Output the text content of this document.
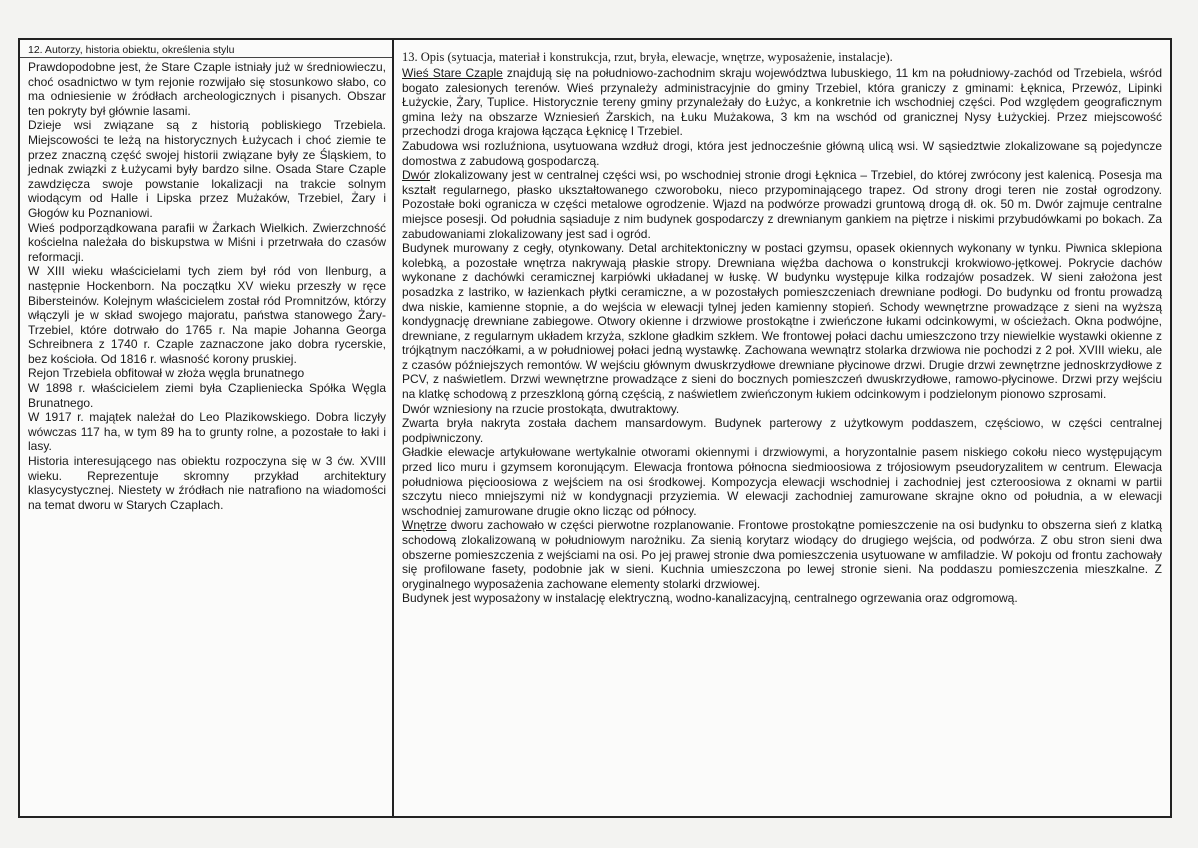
12. Autorzy, historia obiektu, określenia stylu

Prawdopodobne jest, że Stare Czaple istniały już w średniowieczu, choć osadnictwo w tym rejonie rozwijało się stosunkowo słabo, co ma odniesienie w źródłach archeologicznych i pisanych. Obszar ten pokryty był głównie lasami.

Dzieje wsi związane są z historią pobliskiego Trzebiela. Miejscowości te leżą na historycznych Łużycach i choć ziemie te przez znaczną część swojej historii związane były ze Śląskiem, to jednak związki z Łużycami były bardzo silne. Osada Stare Czaple zawdzięcza swoje powstanie lokalizacji na trakcie solnym wiodącym od Halle i Lipska przez Mużaków, Trzebiel, Żary i Głogów ku Poznaniowi.

Wieś podporządkowana parafii w Żarkach Wielkich. Zwierzchność kościelna należała do biskupstwa w Miśni i przetrwała do czasów reformacji.

W XIII wieku właścicielami tych ziem był ród von Ilenburg, a następnie Hockenborn. Na początku XV wieku przeszły w ręce Bibersteinów. Kolejnym właścicielem został ród Promnitzów, którzy włączyli je w skład swojego majoratu, państwa stanowego Żary-Trzebiel, które dotrwało do 1765 r. Na mapie Johanna Georga Schreibnera z 1740 r. Czaple zaznaczone jako dobra rycerskie, bez kościoła. Od 1816 r. własność korony pruskiej.

Rejon Trzebiela obfitował w złoża węgla brunatnego

W 1898 r. właścicielem ziemi była Czaplieniecka Spółka Węgla Brunatnego.

W 1917 r. majątek należał do Leo Plazikowskiego. Dobra liczyły wówczas 117 ha, w tym 89 ha to grunty rolne, a pozostałe to łaki i lasy.

Historia interesującego nas obiektu rozpoczyna się w 3 ćw. XVIII wieku. Reprezentuje skromny przykład architektury klasycystycznej. Niestety w źródłach nie natrafiono na wiadomości na temat dworu w Starych Czaplach.

13. Opis (sytuacja, materiał i konstrukcja, rzut, bryła, elewacje, wnętrze, wyposażenie, instalacje).

Wieś Stare Czaple znajdują się na południowo-zachodnim skraju województwa lubuskiego, 11 km na południowy-zachód od Trzebiela, wśród bogato zalesionych terenów. Wieś przynależy administracyjnie do gminy Trzebiel, która graniczy z gminami: Łęknica, Przewóz, Lipinki Łużyckie, Żary, Tuplice. Historycznie tereny gminy przynależały do Łużyc, a konkretnie ich wschodniej części. Pod względem geograficznym gmina leży na obszarze Wzniesień Żarskich, na Łuku Mużakowa, 3 km na wschód od granicznej Nysy Łużyckiej. Przez miejscowość przechodzi droga krajowa łącząca Łęknicę I Trzebiel.

Zabudowa wsi rozluźniona, usytuowana wzdłuż drogi, która jest jednocześnie główną ulicą wsi. W sąsiedztwie zlokalizowane są pojedyncze domostwa z zabudową gospodarczą.

Dwór zlokalizowany jest w centralnej części wsi, po wschodniej stronie drogi Łęknica – Trzebiel, do której zwrócony jest kalenicą. Posesja ma kształt regularnego, płasko ukształtowanego czworoboku, nieco przypominającego trapez. Od strony drogi teren nie został ogrodzony. Pozostałe boki ogranicza w części metalowe ogrodzenie. Wjazd na podwórze prowadzi gruntową drogą dł. ok. 50 m. Dwór zajmuje centralne miejsce posesji. Od południa sąsiaduje z nim budynek gospodarczy z drewnianym gankiem na piętrze i niskimi przybudówkami po bokach. Za zabudowaniami zlokalizowany jest sad i ogród.

Budynek murowany z cegły, otynkowany. Detal architektoniczny w postaci gzymsu, opasek okiennych wykonany w tynku. Piwnica sklepiona kolebką, a pozostałe wnętrza nakrywają płaskie stropy. Drewniana więźba dachowa o konstrukcji krokwiowo-jętkowej. Pokrycie dachów wykonane z dachówki ceramicznej karpiówki układanej w łuskę. W budynku występuje kilka rodzajów posadzek. W sieni założona jest posadzka z lastriko, w łazienkach płytki ceramiczne, a w pozostałych pomieszczeniach drewniane podłogi. Do budynku od frontu prowadzą dwa niskie, kamienne stopnie, a do wejścia w elewacji tylnej jeden kamienny stopień. Schody wewnętrzne prowadzące z sieni na wyższą kondygnację drewniane zabiegowe. Otwory okienne i drzwiowe prostokątne i zwieńczone łukami odcinkowymi, w ościeżach. Okna podwójne, drewniane, z regularnym układem krzyża, szklone gładkim szkłem. We frontowej połaci dachu umieszczono trzy niewielkie wystawki okienne z trójkątnym naczółkami, a w południowej połaci jedną wystawkę. Zachowana wewnątrz stolarka drzwiowa nie pochodzi z 2 poł. XVIII wieku, ale z czasów późniejszych remontów. W wejściu głównym dwuskrzydłowe drewniane płycinowe drzwi. Drugie drzwi zewnętrzne jednoskrzydłowe z PCV, z naświetlem. Drzwi wewnętrzne prowadzące z sieni do bocznych pomieszczeń dwuskrzydłowe, ramowo-płycinowe. Drzwi przy wejściu na klatkę schodową z przeszkloną górną częścią, z naświetlem zwieńczonym łukiem odcinkowym i podzielonym pionowo szprosami.

Dwór wzniesiony na rzucie prostokąta, dwutraktowy.

Zwarta bryła nakryta została dachem mansardowym. Budynek parterowy z użytkowym poddaszem, częściowo, w części centralnej podpiwniczony.

Gładkie elewacje artykułowane wertykalnie otworami okiennymi i drzwiowymi, a horyzontalnie pasem niskiego cokołu nieco występującym przed lico muru i gzymsem koronującym. Elewacja frontowa północna siedmioosiowa z trójosiowym pseudoryzalitem w centrum. Elewacja południowa pięcioosiowa z wejściem na osi środkowej. Kompozycja elewacji wschodniej i zachodniej jest czteroosiowa z oknami w partii szczytu nieco mniejszymi niż w kondygnacji przyziemia. W elewacji zachodniej zamurowane skrajne okno od południa, a w elewacji wschodniej zamurowane drugie okno licząc od północy.

Wnętrze dworu zachowało w części pierwotne rozplanowanie. Frontowe prostokątne pomieszczenie na osi budynku to obszerna sień z klatką schodową zlokalizowaną w południowym narożniku. Za sienią korytarz wiodący do drugiego wejścia, od podwórza. Z obu stron sieni dwa obszerne pomieszczenia z wejściami na osi. Po jej prawej stronie dwa pomieszczenia usytuowane w amfiladzie. W pokoju od frontu zachowały się profilowane fasety, podobnie jak w sieni. Kuchnia umieszczona po lewej stronie sieni. Na poddaszu pomieszczenia mieszkalne. Z oryginalnego wyposażenia zachowane elementy stolarki drzwiowej.

Budynek jest wyposażony w instalację elektryczną, wodno-kanalizacyjną, centralnego ogrzewania oraz odgromową.
